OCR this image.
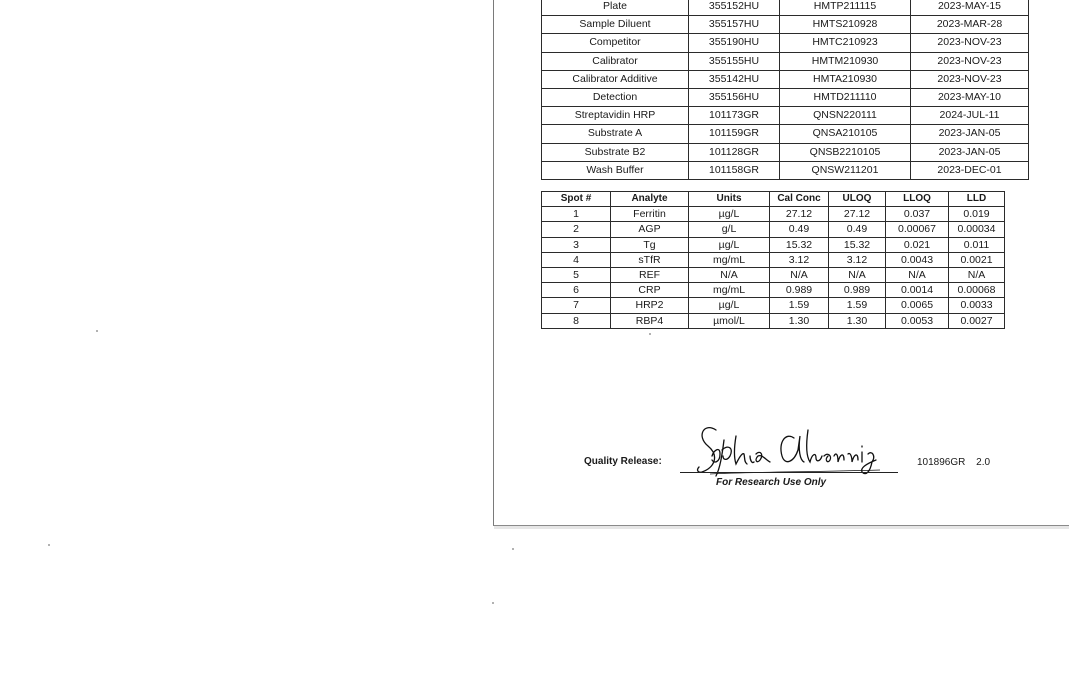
Plate	355152HU	HMTP211115	2023-MAY-15
Sample Diluent	355157HU	HMTS210928	2023-MAR-28
Competitor	355190HU	HMTC210923	2023-NOV-23
Calibrator	355155HU	HMTM210930	2023-NOV-23
Calibrator Additive	355142HU	HMTA210930	2023-NOV-23
Detection	355156HU	HMTD211110	2023-MAY-10
Streptavidin HRP	101173GR	QNSN220111	2024-JUL-11
Substrate A	101159GR	QNSA210105	2023-JAN-05
Substrate B2	101128GR	QNSB2210105	2023-JAN-05
Wash Buffer	101158GR	QNSW211201	2023-DEC-01
Spot #	Analyte	Units	Cal Conc	ULOQ	LLOQ	LLD
1	Ferritin	µg/L	27.12	27.12	0.037	0.019
2	AGP	g/L	0.49	0.49	0.00067	0.00034
3	Tg	µg/L	15.32	15.32	0.021	0.011
4	sTfR	mg/mL	3.12	3.12	0.0043	0.0021
5	REF	N/A	N/A	N/A	N/A	N/A
6	CRP	mg/mL	0.989	0.989	0.0014	0.00068
7	HRP2	µg/L	1.59	1.59	0.0065	0.0033
8	RBP4	µmol/L	1.30	1.30	0.0053	0.0027
Quality Release:
For Research Use Only
101896GR 2.0
